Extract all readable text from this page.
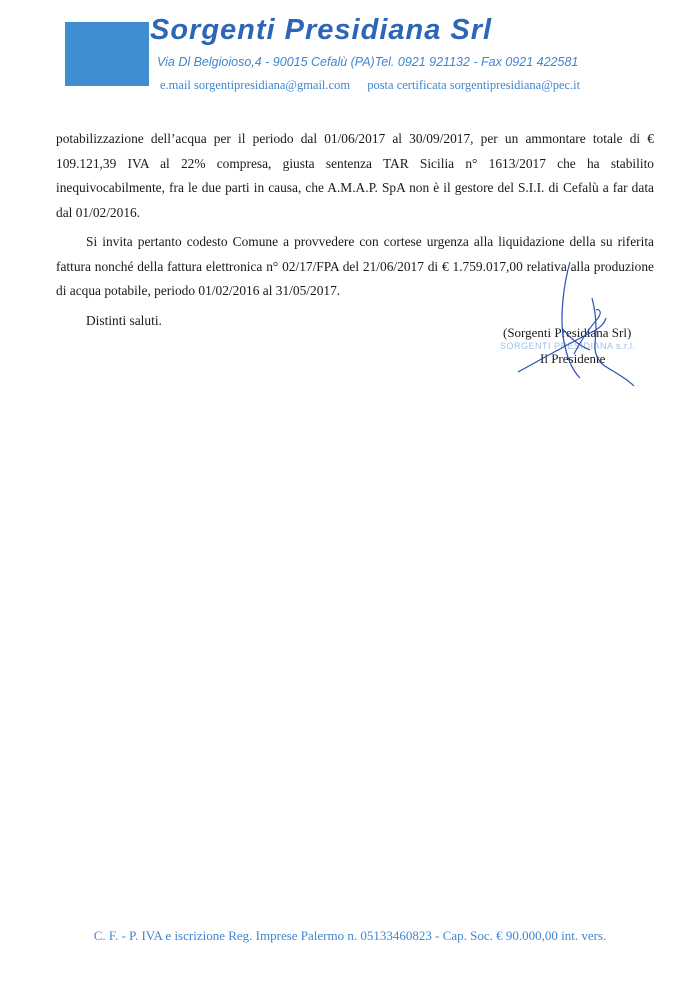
Sorgenti Presidiana Srl
Via Dl Belgioioso,4 - 90015 Cefalù (PA)Tel. 0921 921132 - Fax 0921 422581
e.mail sorgentipresidiana@gmail.com posta certificata sorgentipresidiana@pec.it

potabilizzazione dell’acqua per il periodo dal 01/06/2017 al 30/09/2017, per un ammontare totale di € 109.121,39 IVA al 22% compresa, giusta sentenza TAR Sicilia n° 1613/2017 che ha stabilito inequivocabilmente, fra le due parti in causa, che A.M.A.P. SpA non è il gestore del S.I.I. di Cefalù a far data dal 01/02/2016.

Si invita pertanto codesto Comune a provvedere con cortese urgenza alla liquidazione della su riferita fattura nonché della fattura elettronica n° 02/17/FPA del 21/06/2017 di € 1.759.017,00 relativa alla produzione di acqua potabile, periodo 01/02/2016 al 31/05/2017.

Distinti saluti.

(Sorgenti Presidiana Srl)
SORGENTI PRESIDIANA s.r.l.
Il Presidente
C. F. - P. IVA e iscrizione Reg. Imprese Palermo n. 05133460823 - Cap. Soc. € 90.000,00 int. vers.
